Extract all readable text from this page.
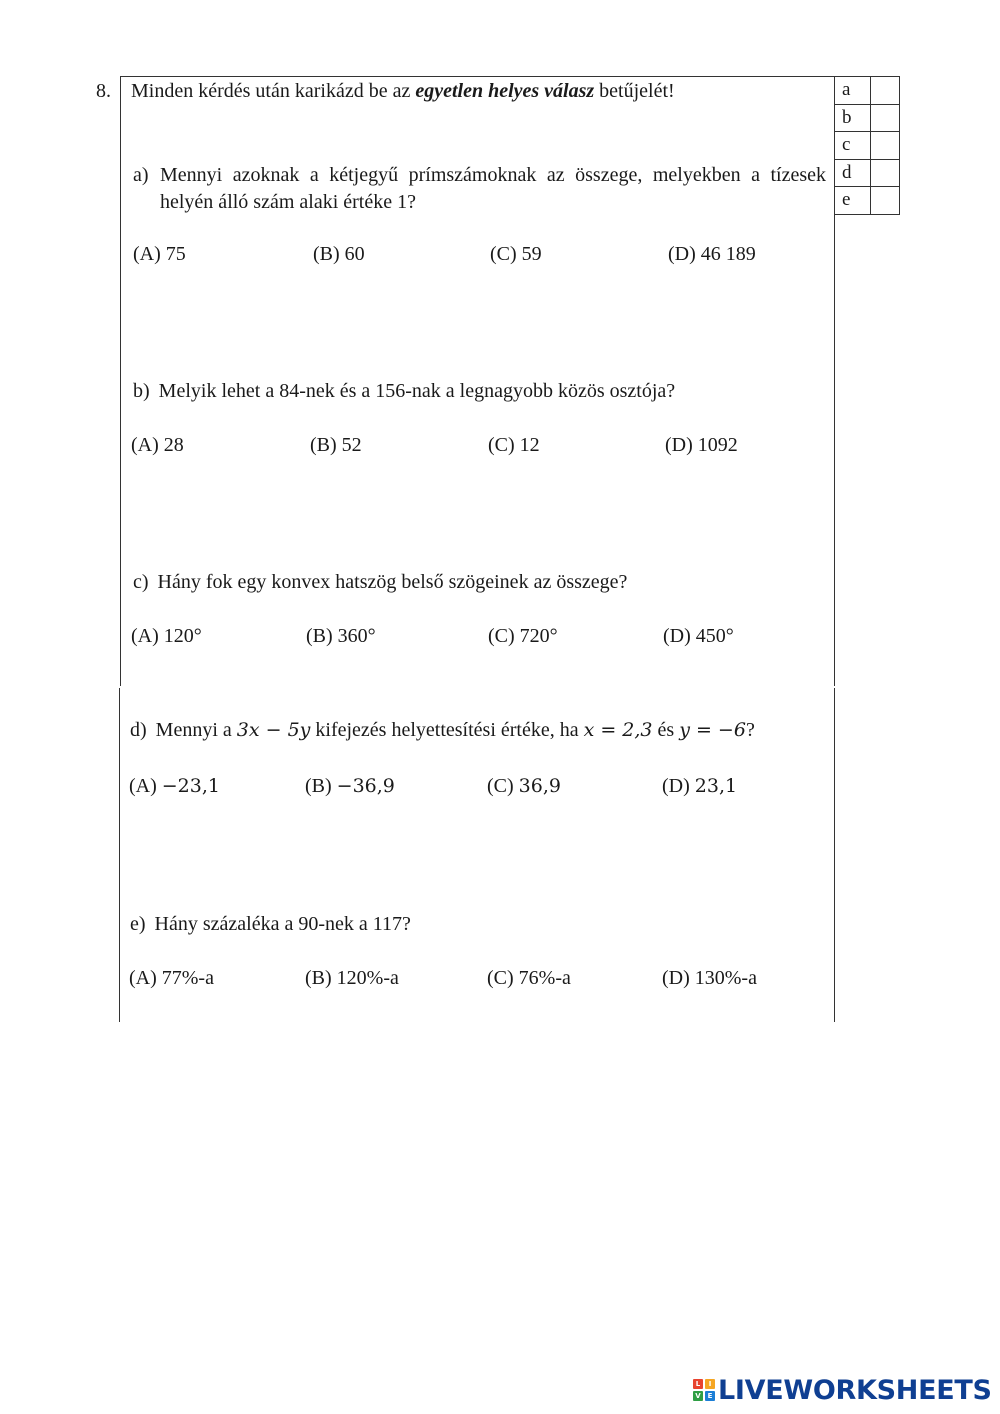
8. Minden kérdés után karikázd be az egyetlen helyes válasz betűjelét!	a	
b	
c	
d	
e	
a) Mennyi azoknak a kétjegyű prímszámoknak az összege, melyekben a tízesek helyén álló szám alaki értéke 1?
(A) 75	(B) 60	(C) 59	(D) 46 189
b) Melyik lehet a 84-nek és a 156-nak a legnagyobb közös osztója?
(A) 28	(B) 52	(C) 12	(D) 1092
c) Hány fok egy konvex hatszög belső szögeinek az összege?
(A) 120°	(B) 360°	(C) 720°	(D) 450°
d) Mennyi a 3x − 5y kifejezés helyettesítési értéke, ha x = 2,3 és y = −6?
(A) −23,1	(B) −36,9	(C) 36,9	(D) 23,1
e) Hány százaléka a 90-nek a 117?
(A) 77%-a	(B) 120%-a	(C) 76%-a	(D) 130%-a
L	I
V E LIVEWORKSHEETS
